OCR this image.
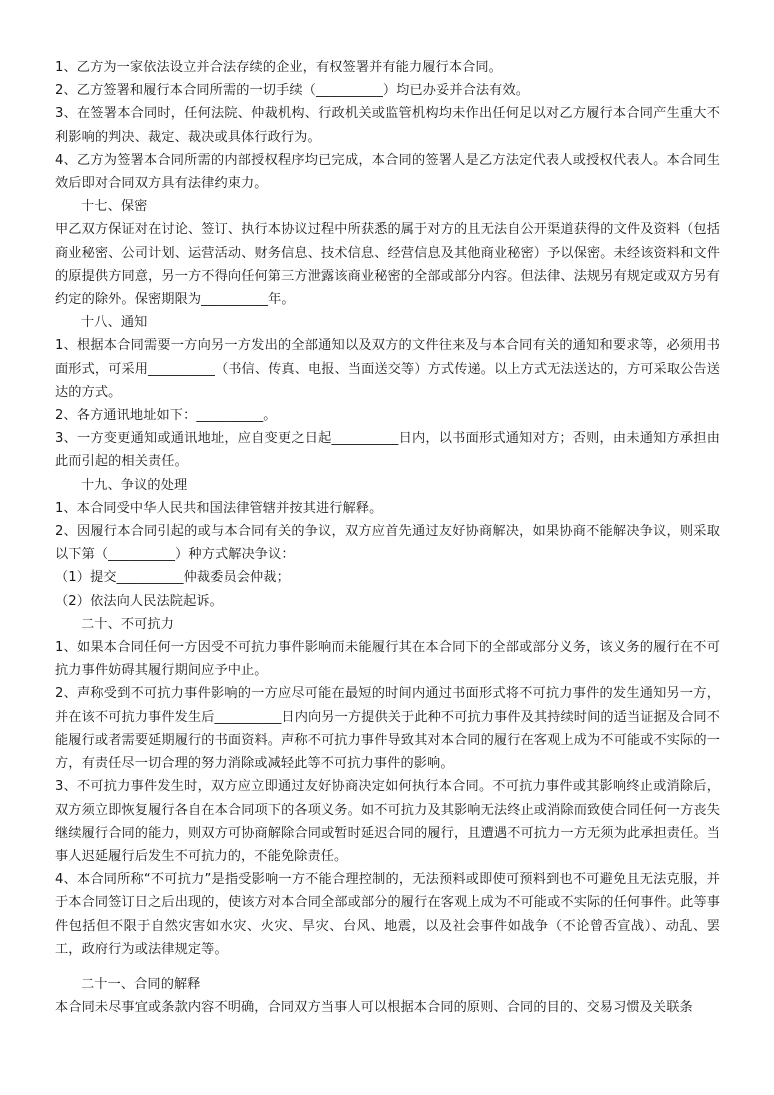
1、乙方为一家依法设立并合法存续的企业，有权签署并有能力履行本合同。
2、乙方签署和履行本合同所需的一切手续（__________）均已办妥并合法有效。
3、在签署本合同时，任何法院、仲裁机构、行政机关或监管机构均未作出任何足以对乙方履行本合同产生重大不利影响的判决、裁定、裁决或具体行政行为。
4、乙方为签署本合同所需的内部授权程序均已完成，本合同的签署人是乙方法定代表人或授权代表人。本合同生效后即对合同双方具有法律约束力。
十七、保密
甲乙双方保证对在讨论、签订、执行本协议过程中所获悉的属于对方的且无法自公开渠道获得的文件及资料（包括商业秘密、公司计划、运营活动、财务信息、技术信息、经营信息及其他商业秘密）予以保密。未经该资料和文件的原提供方同意，另一方不得向任何第三方泄露该商业秘密的全部或部分内容。但法律、法规另有规定或双方另有约定的除外。保密期限为__________年。
十八、通知
1、根据本合同需要一方向另一方发出的全部通知以及双方的文件往来及与本合同有关的通知和要求等，必须用书面形式，可采用__________（书信、传真、电报、当面送交等）方式传递。以上方式无法送达的，方可采取公告送达的方式。
2、各方通讯地址如下：__________。
3、一方变更通知或通讯地址，应自变更之日起__________日内，以书面形式通知对方；否则，由未通知方承担由此而引起的相关责任。
十九、争议的处理
1、本合同受中华人民共和国法律管辖并按其进行解释。
2、因履行本合同引起的或与本合同有关的争议，双方应首先通过友好协商解决，如果协商不能解决争议，则采取以下第（__________）种方式解决争议：
（1）提交__________仲裁委员会仲裁；
（2）依法向人民法院起诉。
二十、不可抗力
1、如果本合同任何一方因受不可抗力事件影响而未能履行其在本合同下的全部或部分义务，该义务的履行在不可抗力事件妨碍其履行期间应予中止。
2、声称受到不可抗力事件影响的一方应尽可能在最短的时间内通过书面形式将不可抗力事件的发生通知另一方，并在该不可抗力事件发生后__________日内向另一方提供关于此种不可抗力事件及其持续时间的适当证据及合同不能履行或者需要延期履行的书面资料。声称不可抗力事件导致其对本合同的履行在客观上成为不可能或不实际的一方，有责任尽一切合理的努力消除或减轻此等不可抗力事件的影响。
3、不可抗力事件发生时，双方应立即通过友好协商决定如何执行本合同。不可抗力事件或其影响终止或消除后，双方须立即恢复履行各自在本合同项下的各项义务。如不可抗力及其影响无法终止或消除而致使合同任何一方丧失继续履行合同的能力，则双方可协商解除合同或暂时延迟合同的履行，且遭遇不可抗力一方无须为此承担责任。当事人迟延履行后发生不可抗力的，不能免除责任。
4、本合同所称“不可抗力”是指受影响一方不能合理控制的，无法预料或即使可预料到也不可避免且无法克服，并于本合同签订日之后出现的，使该方对本合同全部或部分的履行在客观上成为不可能或不实际的任何事件。此等事件包括但不限于自然灾害如水灾、火灾、旱灾、台风、地震，以及社会事件如战争（不论曾否宣战）、动乱、罢工，政府行为或法律规定等。
二十一、合同的解释
本合同未尽事宜或条款内容不明确，合同双方当事人可以根据本合同的原则、合同的目的、交易习惯及关联条
